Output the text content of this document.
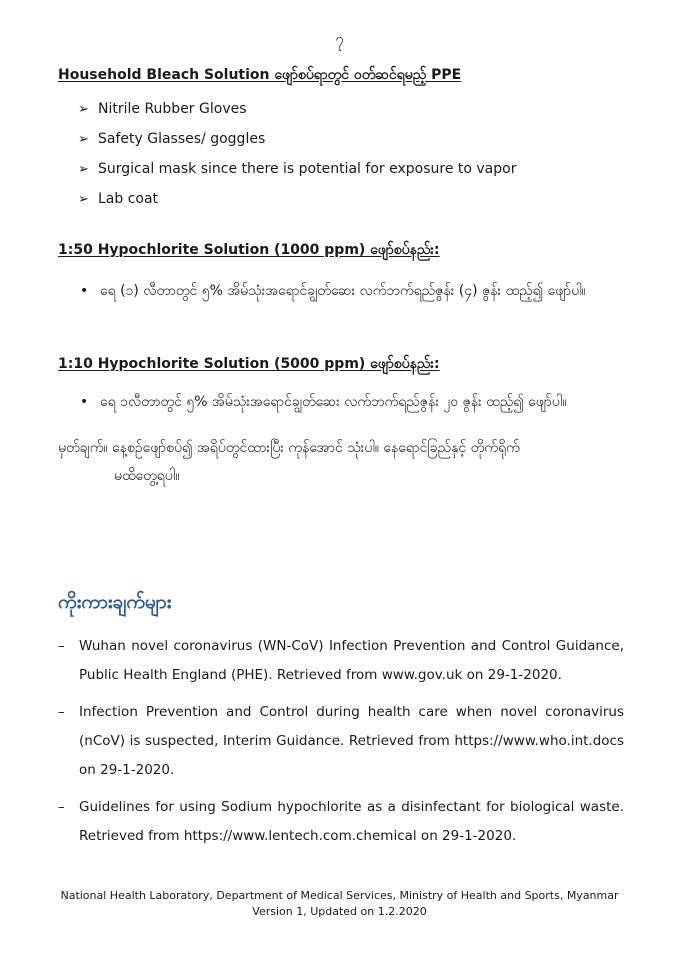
၇
Household Bleach Solution ဖျော်စပ်ရာတွင် ဝတ်ဆင်ရမည့် PPE
➢ Nitrile Rubber Gloves
➢ Safety Glasses/ goggles
➢ Surgical mask since there is potential for exposure to vapor
➢ Lab coat
1:50 Hypochlorite Solution (1000 ppm) ဖျော်စပ်နည်း:
• ရေ (၁) လီတာတွင် ၅% အိမ်သုံးအရောင်ချွတ်ဆေး လက်ဘက်ရည်ဇွန်း (၄) ဇွန်း ထည့်၍ ဖျော်ပါ။
1:10 Hypochlorite Solution (5000 ppm) ဖျော်စပ်နည်း:
• ရေ ၁လီတာတွင် ၅% အိမ်သုံးအရောင်ချွတ်ဆေး လက်ဘက်ရည်ဇွန်း ၂၀ ဇွန်း ထည့်၍ ဖျော်ပါ။
မှတ်ချက်။ နေ့စဉ်ဖျော်စပ်၍ အရိပ်တွင်ထားပြီး ကုန်အောင် သုံးပါ။ နေရောင်ခြည်နှင့် တိုက်ရိုက်
မထိတွေ့ရပါ။
ကိုးကားချက်များ
– Wuhan novel coronavirus (WN-CoV) Infection Prevention and Control Guidance, Public Health England (PHE). Retrieved from www.gov.uk on 29-1-2020.
– Infection Prevention and Control during health care when novel coronavirus (nCoV) is suspected, Interim Guidance. Retrieved from https://www.who.int.docs on 29-1-2020.
– Guidelines for using Sodium hypochlorite as a disinfectant for biological waste. Retrieved from https://www.lentech.com.chemical on 29-1-2020.
National Health Laboratory, Department of Medical Services, Ministry of Health and Sports, Myanmar
Version 1, Updated on 1.2.2020
